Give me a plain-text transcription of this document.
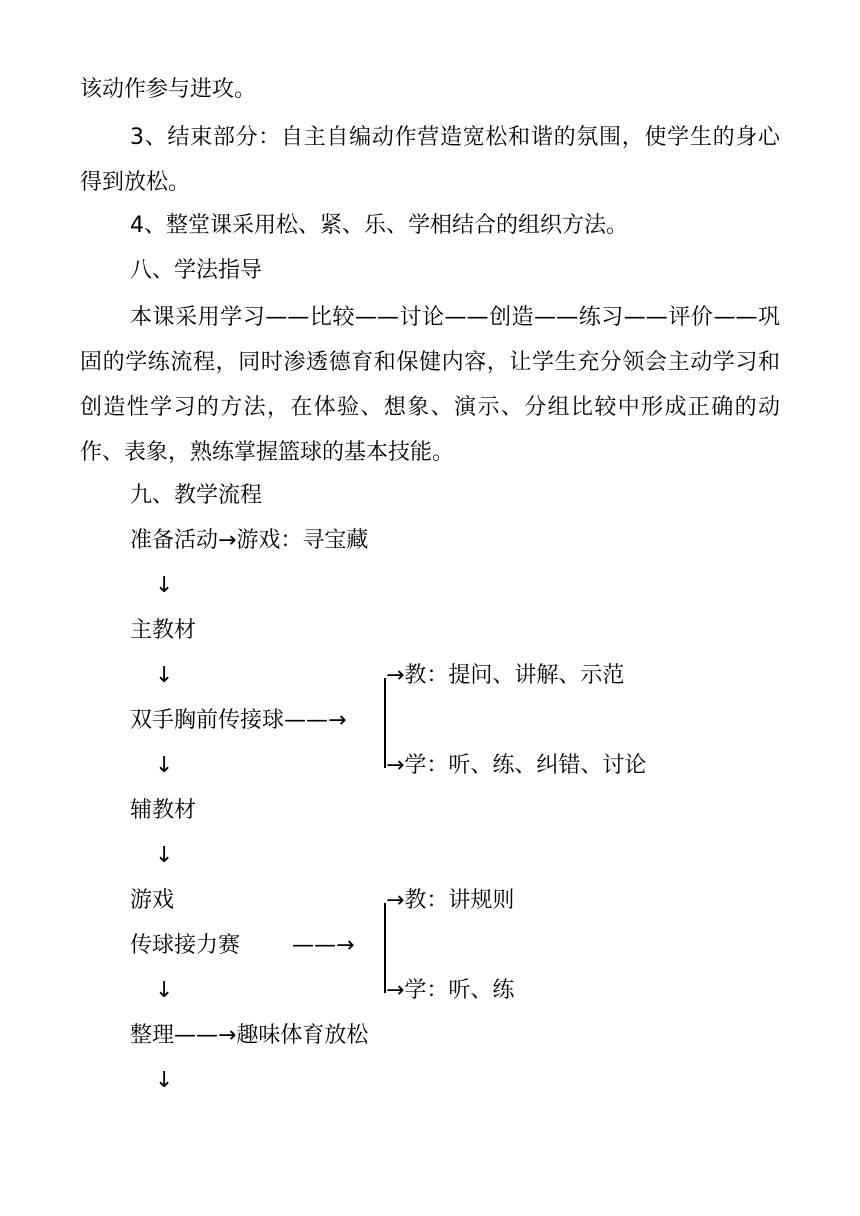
该动作参与进攻。

3、结束部分：自主自编动作营造宽松和谐的氛围，使学生的身心得到放松。

4、整堂课采用松、紧、乐、学相结合的组织方法。
八、学法指导

本课采用学习——比较——讨论——创造——练习——评价——巩固的学练流程，同时渗透德育和保健内容，让学生充分领会主动学习和创造性学习的方法，在体验、想象、演示、分组比较中形成正确的动作、表象，熟练掌握篮球的基本技能。

九、教学流程
准备活动→游戏：寻宝藏
↓
主教材
↓
双手胸前传接球——→
→教：提问、讲解、示范
→学：听、练、纠错、讨论
↓
辅教材
↓
游戏
传球接力赛 ——→
→教：讲规则
→学：听、练
↓
整理——→趣味体育放松
↓
